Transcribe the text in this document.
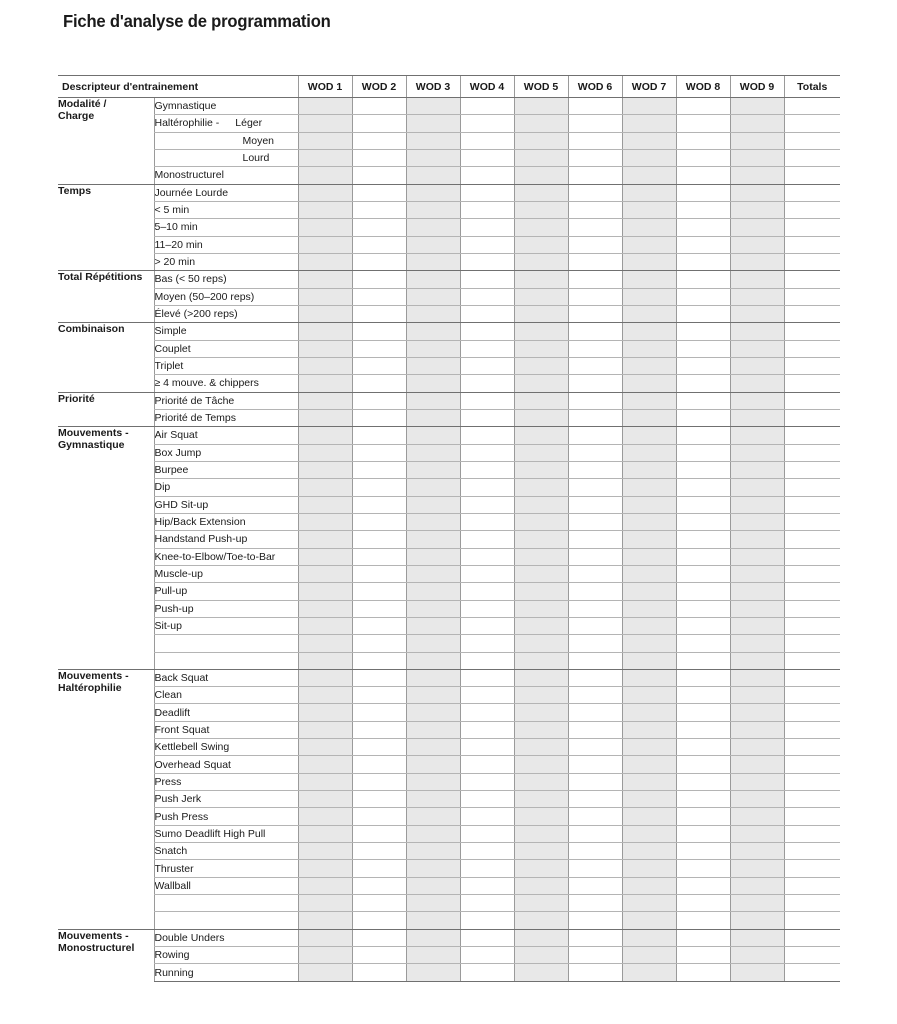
Fiche d'analyse de programmation
Descripteur d'entrainement		WOD 1	WOD 2	WOD 3	WOD 4	WOD 5	WOD 6	WOD 7	WOD 8	WOD 9	Totals
Modalité /
Charge	Gymnastique										
	Haltérophilie - Léger										
	Moyen										
	Lourd										
	Monostructurel										
Temps	Journée Lourde										
	< 5 min										
	5–10 min										
	11–20 min										
	> 20 min										
Total Répétitions	Bas (< 50 reps)										
	Moyen (50–200 reps)										
	Élevé (>200 reps)										
Combinaison	Simple										
	Couplet										
	Triplet										
	≥ 4 mouve. & chippers										
Priorité	Priorité de Tâche										
	Priorité de Temps										
Mouvements -
Gymnastique	Air Squat										
	Box Jump										
	Burpee										
	Dip										
	GHD Sit-up										
	Hip/Back Extension										
	Handstand Push-up										
	Knee-to-Elbow/Toe-to-Bar										
	Muscle-up										
	Pull-up										
	Push-up										
	Sit-up										

Mouvements -
Haltérophilie	Back Squat										
	Clean										
	Deadlift										
	Front Squat										
	Kettlebell Swing										
	Overhead Squat										
	Press										
	Push Jerk										
	Push Press										
	Sumo Deadlift High Pull										
	Snatch										
	Thruster										
	Wallball										

Mouvements -
Monostructurel	Double Unders										
	Rowing										
	Running										
